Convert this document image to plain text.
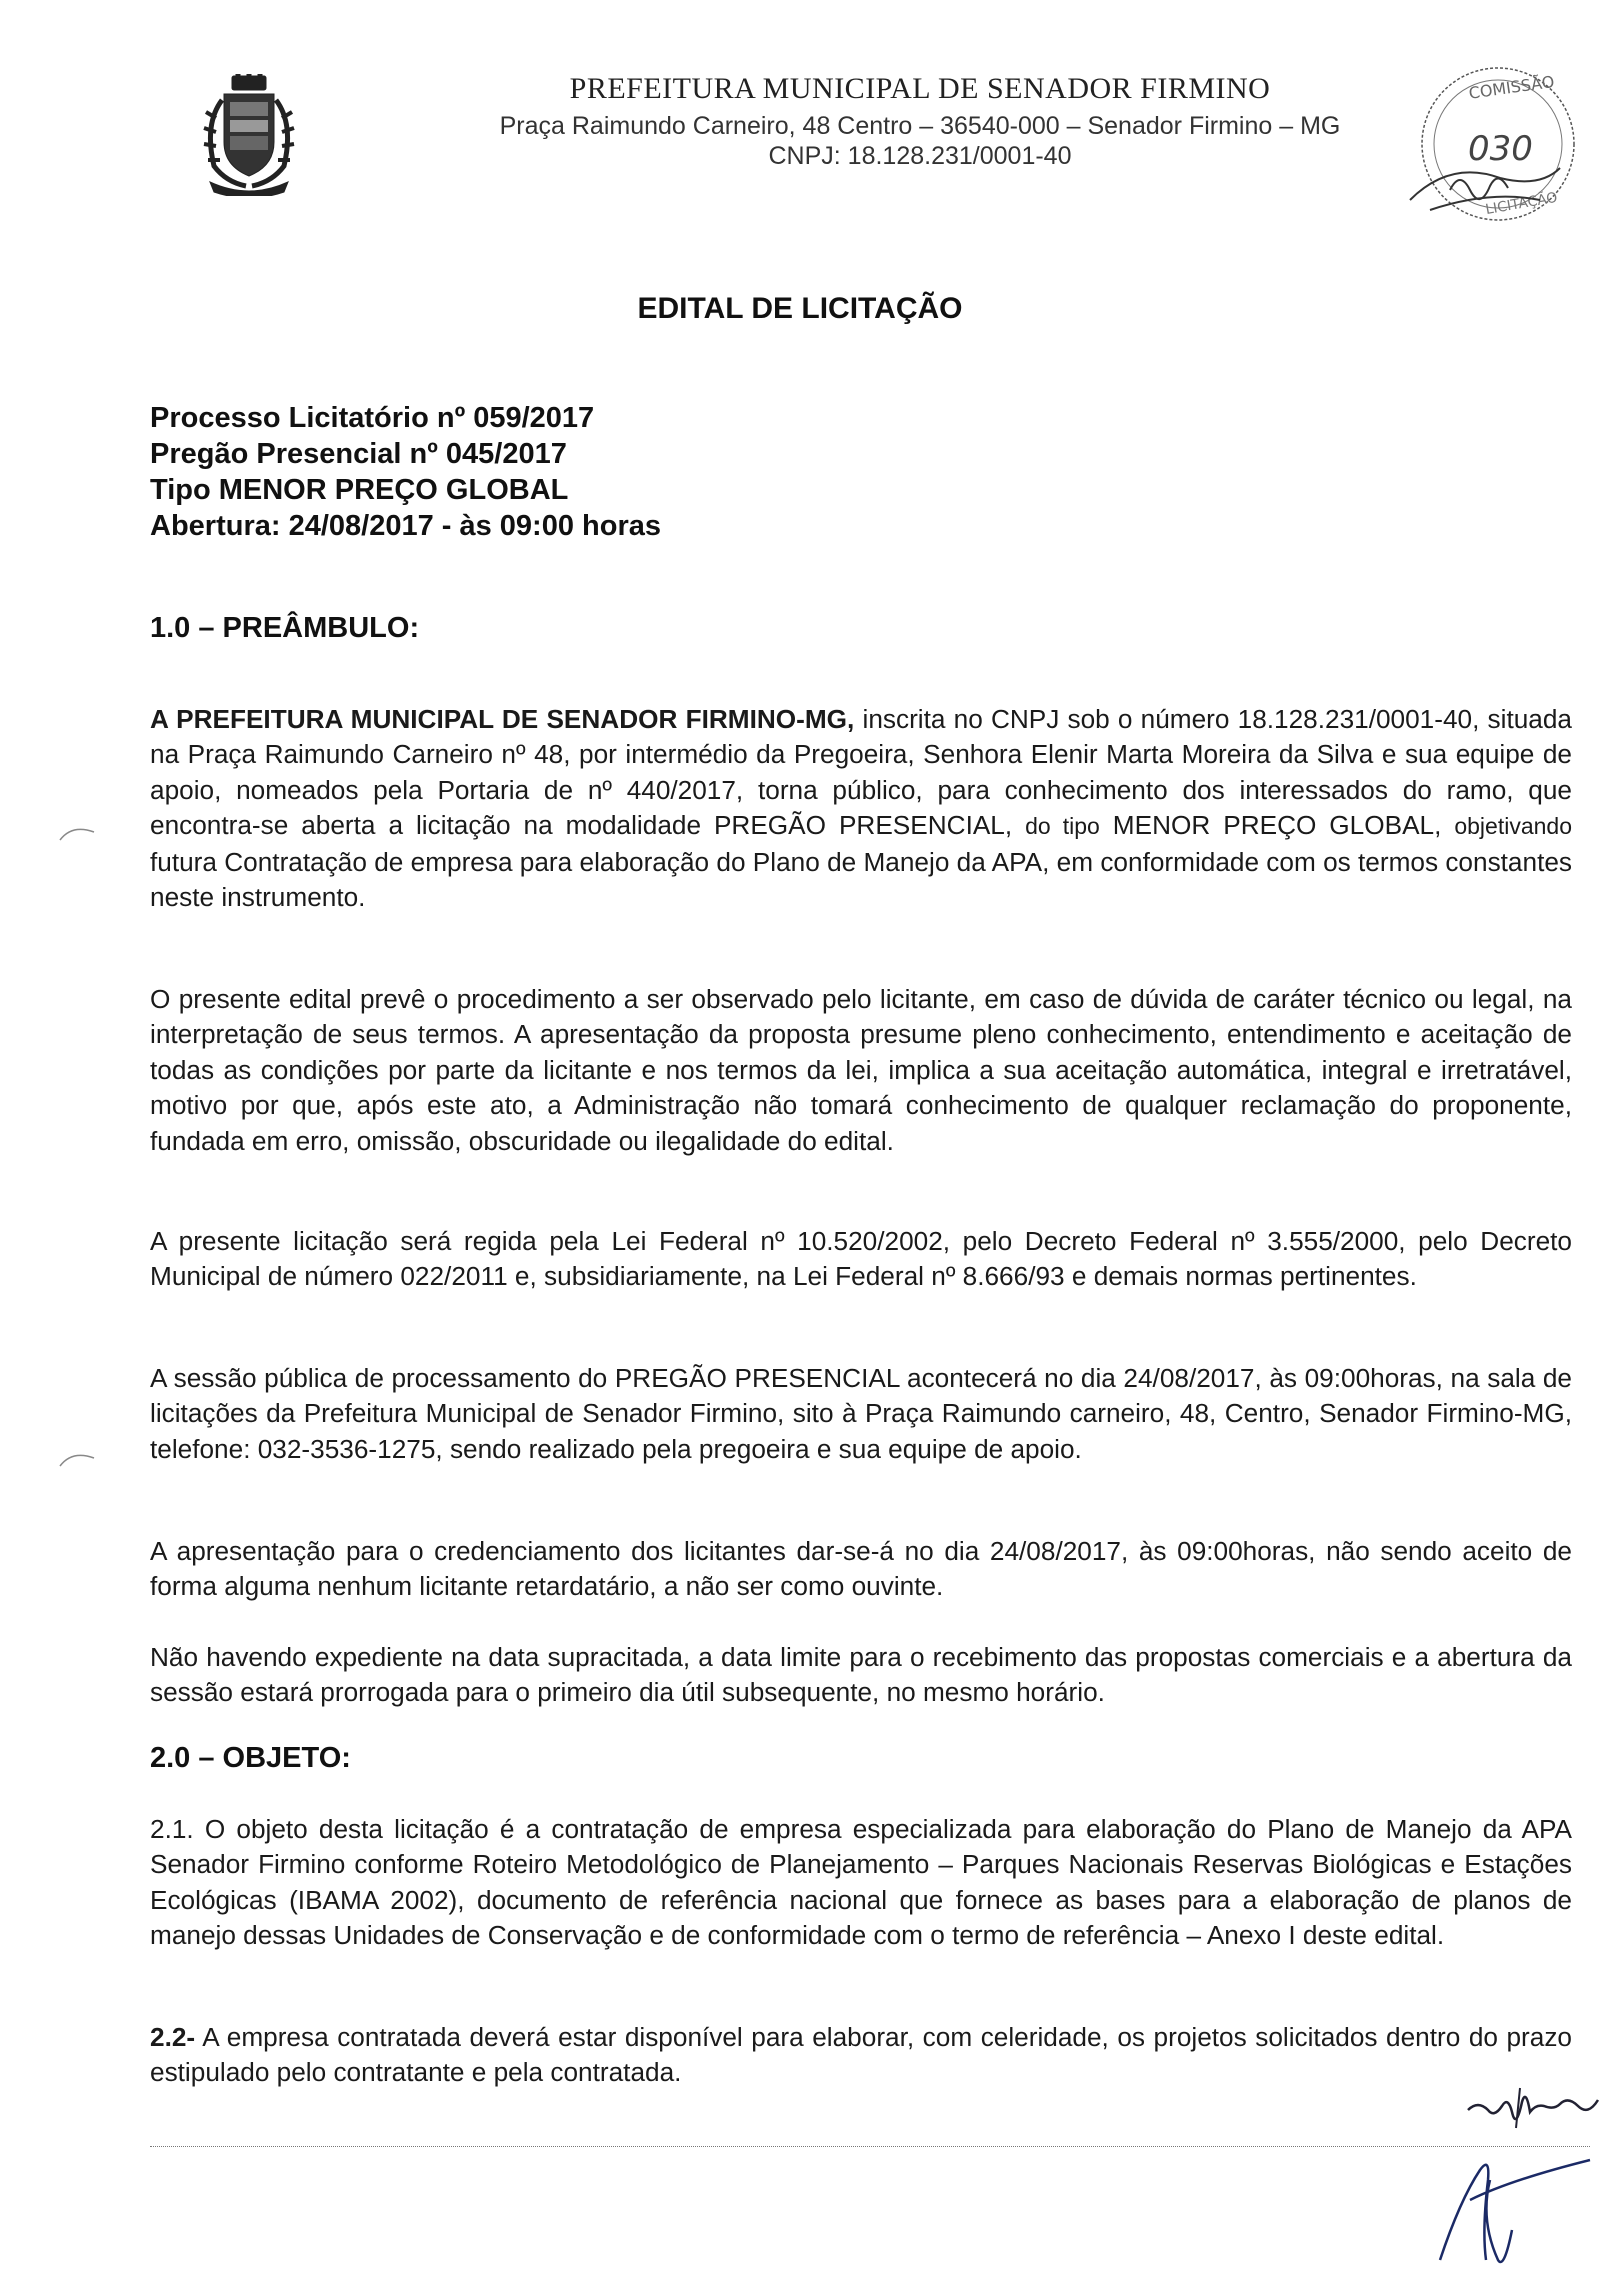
PREFEITURA MUNICIPAL DE SENADOR FIRMINO
Praça Raimundo Carneiro, 48 Centro – 36540-000 – Senador Firmino – MG
CNPJ: 18.128.231/0001-40
COMISSÃO
030
LICITAÇÃO
EDITAL DE LICITAÇÃO
Processo Licitatório nº 059/2017
Pregão Presencial nº 045/2017
Tipo MENOR PREÇO GLOBAL
Abertura: 24/08/2017 - às 09:00 horas
1.0 – PREÂMBULO:
A PREFEITURA MUNICIPAL DE SENADOR FIRMINO-MG, inscrita no CNPJ sob o número 18.128.231/0001-40, situada na Praça Raimundo Carneiro nº 48, por intermédio da Pregoeira, Senhora Elenir Marta Moreira da Silva e sua equipe de apoio, nomeados pela Portaria de nº 440/2017, torna público, para conhecimento dos interessados do ramo, que encontra-se aberta a licitação na modalidade PREGÃO PRESENCIAL, do tipo MENOR PREÇO GLOBAL, objetivando futura Contratação de empresa para elaboração do Plano de Manejo da APA, em conformidade com os termos constantes neste instrumento.
O presente edital prevê o procedimento a ser observado pelo licitante, em caso de dúvida de caráter técnico ou legal, na interpretação de seus termos. A apresentação da proposta presume pleno conhecimento, entendimento e aceitação de todas as condições por parte da licitante e nos termos da lei, implica a sua aceitação automática, integral e irretratável, motivo por que, após este ato, a Administração não tomará conhecimento de qualquer reclamação do proponente, fundada em erro, omissão, obscuridade ou ilegalidade do edital.
A presente licitação será regida pela Lei Federal nº 10.520/2002, pelo Decreto Federal nº 3.555/2000, pelo Decreto Municipal de número 022/2011 e, subsidiariamente, na Lei Federal nº 8.666/93 e demais normas pertinentes.
A sessão pública de processamento do PREGÃO PRESENCIAL acontecerá no dia 24/08/2017, às 09:00horas, na sala de licitações da Prefeitura Municipal de Senador Firmino, sito à Praça Raimundo carneiro, 48, Centro, Senador Firmino-MG, telefone: 032-3536-1275, sendo realizado pela pregoeira e sua equipe de apoio.
A apresentação para o credenciamento dos licitantes dar-se-á no dia 24/08/2017, às 09:00horas, não sendo aceito de forma alguma nenhum licitante retardatário, a não ser como ouvinte.
Não havendo expediente na data supracitada, a data limite para o recebimento das propostas comerciais e a abertura da sessão estará prorrogada para o primeiro dia útil subsequente, no mesmo horário.
2.0 – OBJETO:
2.1. O objeto desta licitação é a contratação de empresa especializada para elaboração do Plano de Manejo da APA Senador Firmino conforme Roteiro Metodológico de Planejamento – Parques Nacionais Reservas Biológicas e Estações Ecológicas (IBAMA 2002), documento de referência nacional que fornece as bases para a elaboração de planos de manejo dessas Unidades de Conservação e de conformidade com o termo de referência – Anexo I deste edital.
2.2- A empresa contratada deverá estar disponível para elaborar, com celeridade, os projetos solicitados dentro do prazo estipulado pelo contratante e pela contratada.
